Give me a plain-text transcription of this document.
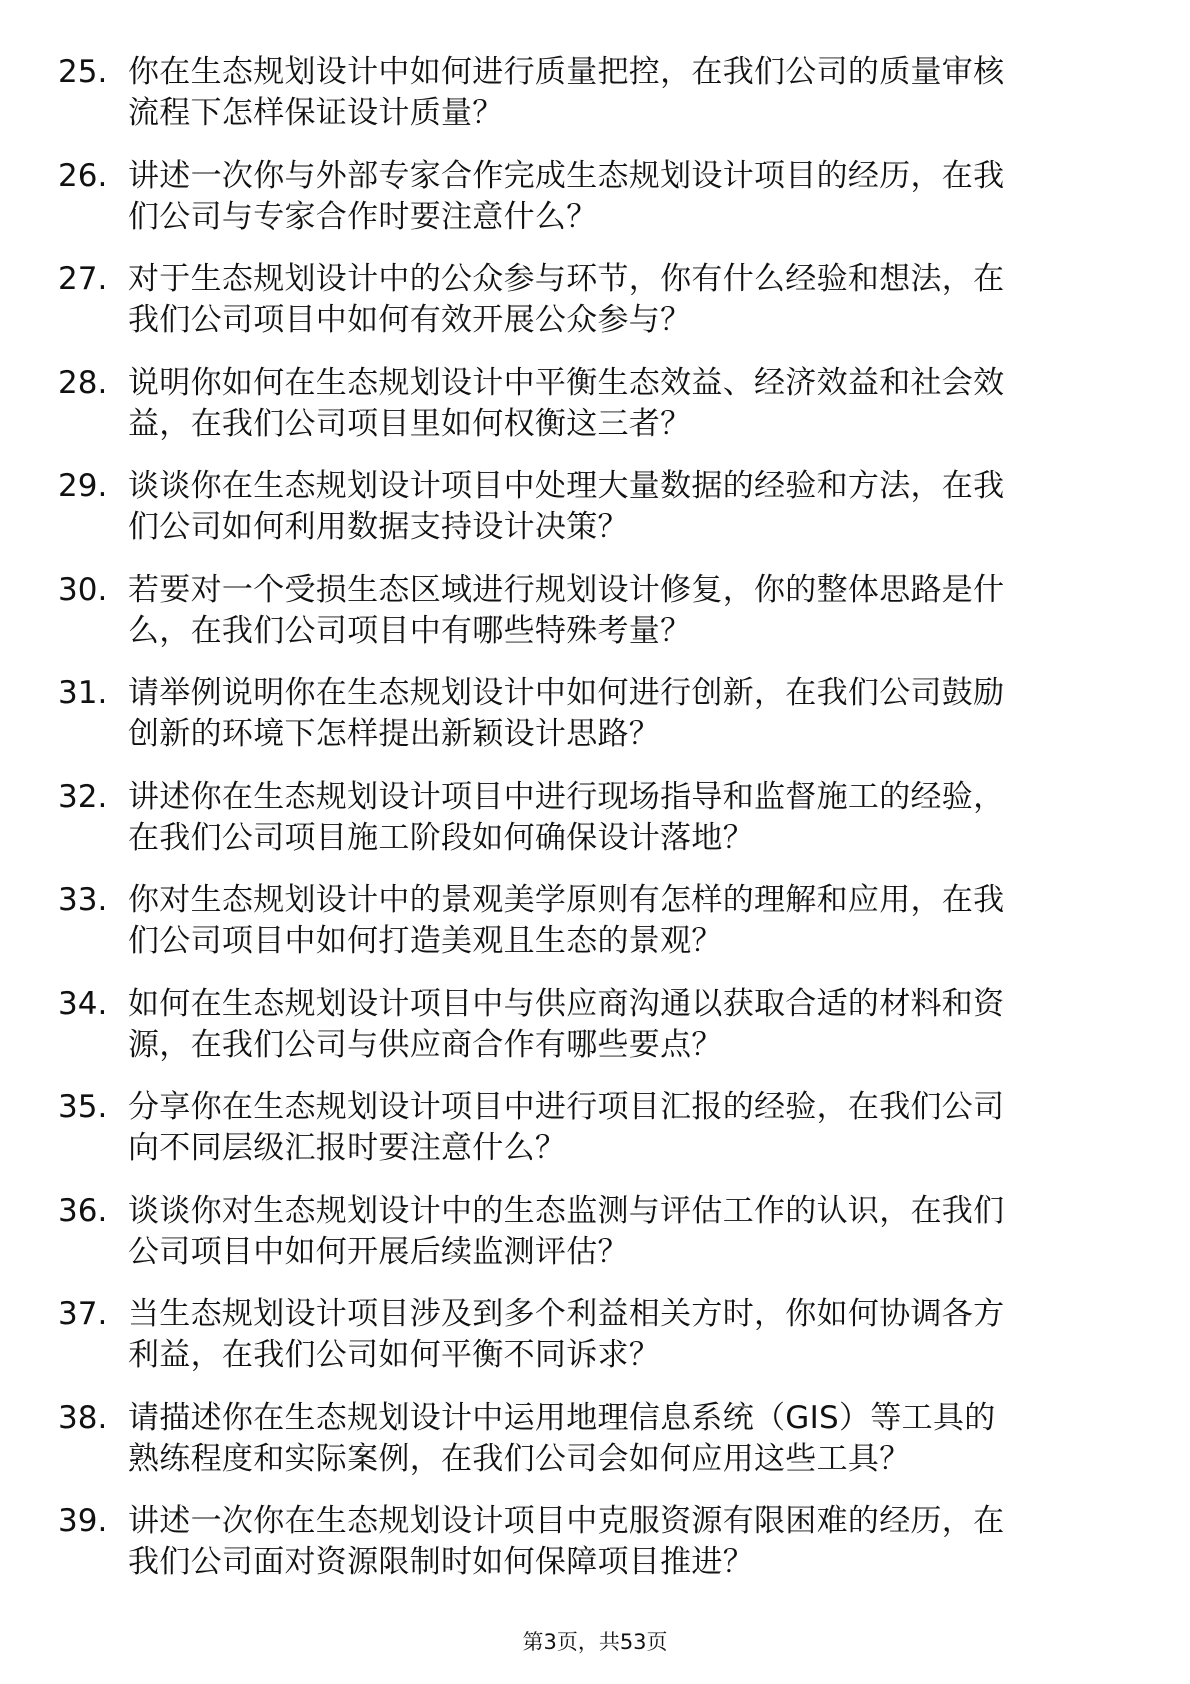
25. 你在生态规划设计中如何进行质量把控，在我们公司的质量审核
流程下怎样保证设计质量？
26. 讲述一次你与外部专家合作完成生态规划设计项目的经历，在我
们公司与专家合作时要注意什么？
27. 对于生态规划设计中的公众参与环节，你有什么经验和想法，在
我们公司项目中如何有效开展公众参与？
28. 说明你如何在生态规划设计中平衡生态效益、经济效益和社会效
益，在我们公司项目里如何权衡这三者？
29. 谈谈你在生态规划设计项目中处理大量数据的经验和方法，在我
们公司如何利用数据支持设计决策？
30. 若要对一个受损生态区域进行规划设计修复，你的整体思路是什
么，在我们公司项目中有哪些特殊考量？
31. 请举例说明你在生态规划设计中如何进行创新，在我们公司鼓励
创新的环境下怎样提出新颖设计思路？
32. 讲述你在生态规划设计项目中进行现场指导和监督施工的经验，
在我们公司项目施工阶段如何确保设计落地？
33. 你对生态规划设计中的景观美学原则有怎样的理解和应用，在我
们公司项目中如何打造美观且生态的景观？
34. 如何在生态规划设计项目中与供应商沟通以获取合适的材料和资
源，在我们公司与供应商合作有哪些要点？
35. 分享你在生态规划设计项目中进行项目汇报的经验，在我们公司
向不同层级汇报时要注意什么？
36. 谈谈你对生态规划设计中的生态监测与评估工作的认识，在我们
公司项目中如何开展后续监测评估？
37. 当生态规划设计项目涉及到多个利益相关方时，你如何协调各方
利益，在我们公司如何平衡不同诉求？
38. 请描述你在生态规划设计中运用地理信息系统（GIS）等工具的
熟练程度和实际案例，在我们公司会如何应用这些工具？
39. 讲述一次你在生态规划设计项目中克服资源有限困难的经历，在
我们公司面对资源限制时如何保障项目推进？
第3页，共53页
